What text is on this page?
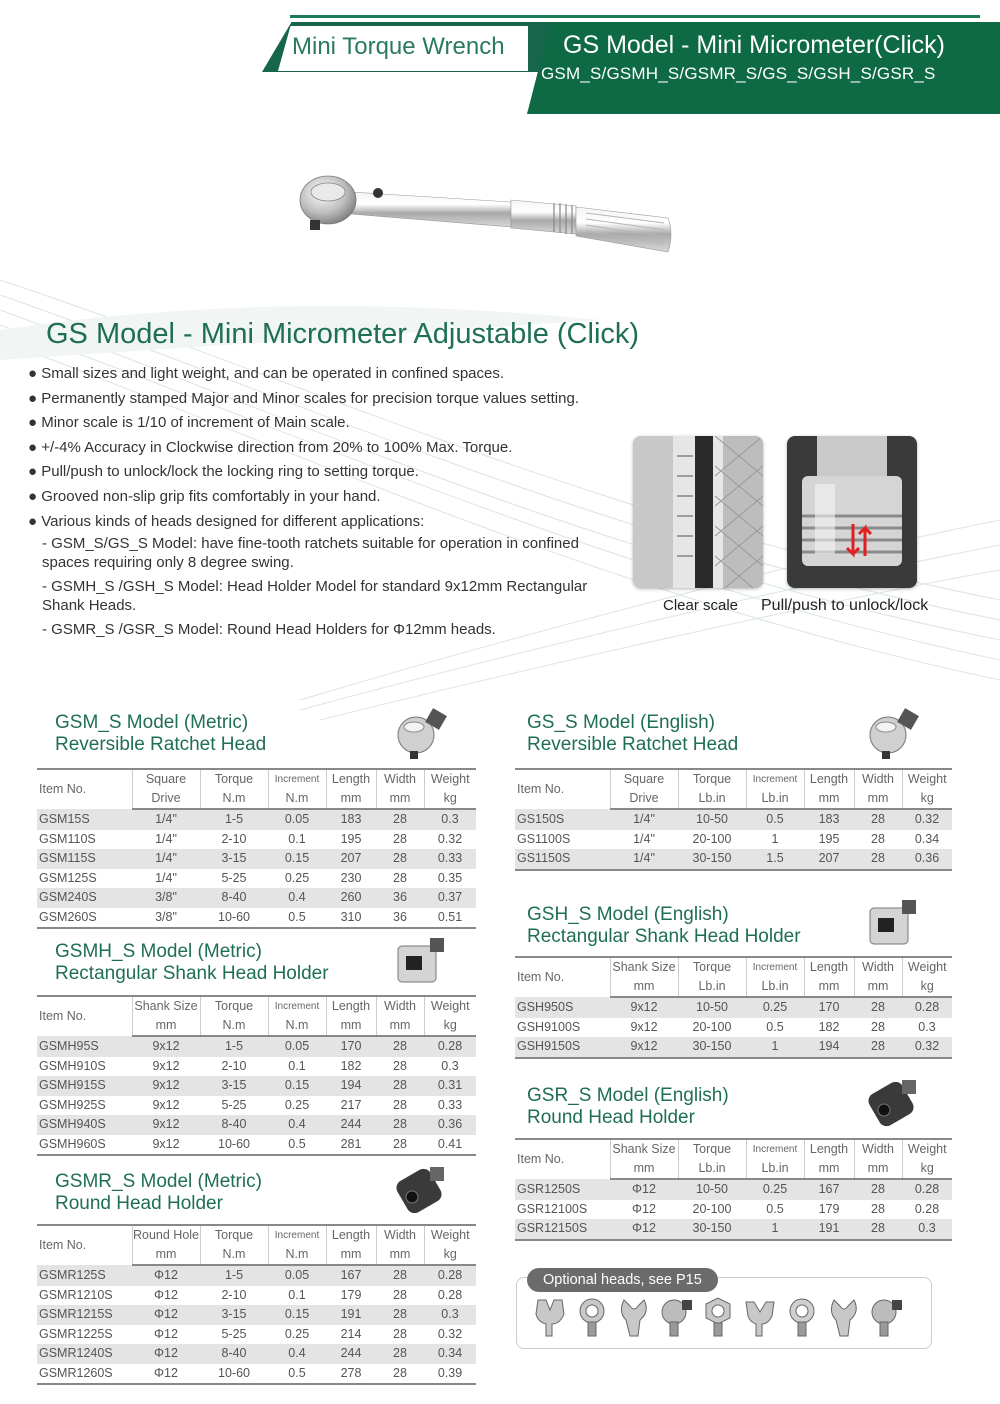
Mini Torque Wrench GS Model - Mini Micrometer(Click)
GSM_S/GSMH_S/GSMR_S/GS_S/GSH_S/GSR_S
GS Model - Mini Micrometer Adjustable (Click)
● Small sizes and light weight, and can be operated in confined spaces.
● Permanently stamped Major and Minor scales for precision torque values setting.
● Minor scale is 1/10 of increment of Main scale.
● +/-4% Accuracy in Clockwise direction from 20% to 100% Max. Torque.
● Pull/push to unlock/lock the locking ring to setting torque.
● Grooved non-slip grip fits comfortably in your hand.
● Various kinds of heads designed for different applications:
- GSM_S/GS_S Model: have fine-tooth ratchets suitable for operation in confined spaces requiring only 8 degree swing.
- GSMH_S /GSH_S Model: Head Holder Model for standard 9x12mm Rectangular Shank Heads.
- GSMR_S /GSR_S Model: Round Head Holders for Φ12mm heads.
Clear scale Pull/push to unlock/lock
GSM_S Model (Metric)
Reversible Ratchet Head
Item No.	Square	Torque	Increment	Length	Width	Weight
	Drive	N.m	N.m	mm	mm	kg
GSM15S	1/4"	1-5	0.05	183	28	0.3
GSM110S	1/4"	2-10	0.1	195	28	0.32
GSM115S	1/4"	3-15	0.15	207	28	0.33
GSM125S	1/4"	5-25	0.25	230	28	0.35
GSM240S	3/8"	8-40	0.4	260	36	0.37
GSM260S	3/8"	10-60	0.5	310	36	0.51
GSMH_S Model (Metric)
Rectangular Shank Head Holder
Item No.	Shank Size	Torque	Increment	Length	Width	Weight
	mm	N.m	N.m	mm	mm	kg
GSMH95S	9x12	1-5	0.05	170	28	0.28
GSMH910S	9x12	2-10	0.1	182	28	0.3
GSMH915S	9x12	3-15	0.15	194	28	0.31
GSMH925S	9x12	5-25	0.25	217	28	0.33
GSMH940S	9x12	8-40	0.4	244	28	0.36
GSMH960S	9x12	10-60	0.5	281	28	0.41
GSMR_S Model (Metric)
Round Head Holder
Item No.	Round Hole	Torque	Increment	Length	Width	Weight
	mm	N.m	N.m	mm	mm	kg
GSMR125S	Φ12	1-5	0.05	167	28	0.28
GSMR1210S	Φ12	2-10	0.1	179	28	0.28
GSMR1215S	Φ12	3-15	0.15	191	28	0.3
GSMR1225S	Φ12	5-25	0.25	214	28	0.32
GSMR1240S	Φ12	8-40	0.4	244	28	0.34
GSMR1260S	Φ12	10-60	0.5	278	28	0.39
GS_S Model (English)
Reversible Ratchet Head
Item No.	Square	Torque	Increment	Length	Width	Weight
	Drive	Lb.in	Lb.in	mm	mm	kg
GS150S	1/4"	10-50	0.5	183	28	0.32
GS1100S	1/4"	20-100	1	195	28	0.34
GS1150S	1/4"	30-150	1.5	207	28	0.36
GSH_S Model (English)
Rectangular Shank Head Holder
Item No.	Shank Size	Torque	Increment	Length	Width	Weight
	mm	Lb.in	Lb.in	mm	mm	kg
GSH950S	9x12	10-50	0.25	170	28	0.28
GSH9100S	9x12	20-100	0.5	182	28	0.3
GSH9150S	9x12	30-150	1	194	28	0.32
GSR_S Model (English)
Round Head Holder
Item No.	Shank Size	Torque	Increment	Length	Width	Weight
	mm	Lb.in	Lb.in	mm	mm	kg
GSR1250S	Φ12	10-50	0.25	167	28	0.28
GSR12100S	Φ12	20-100	0.5	179	28	0.28
GSR12150S	Φ12	30-150	1	191	28	0.3
Optional heads, see P15
